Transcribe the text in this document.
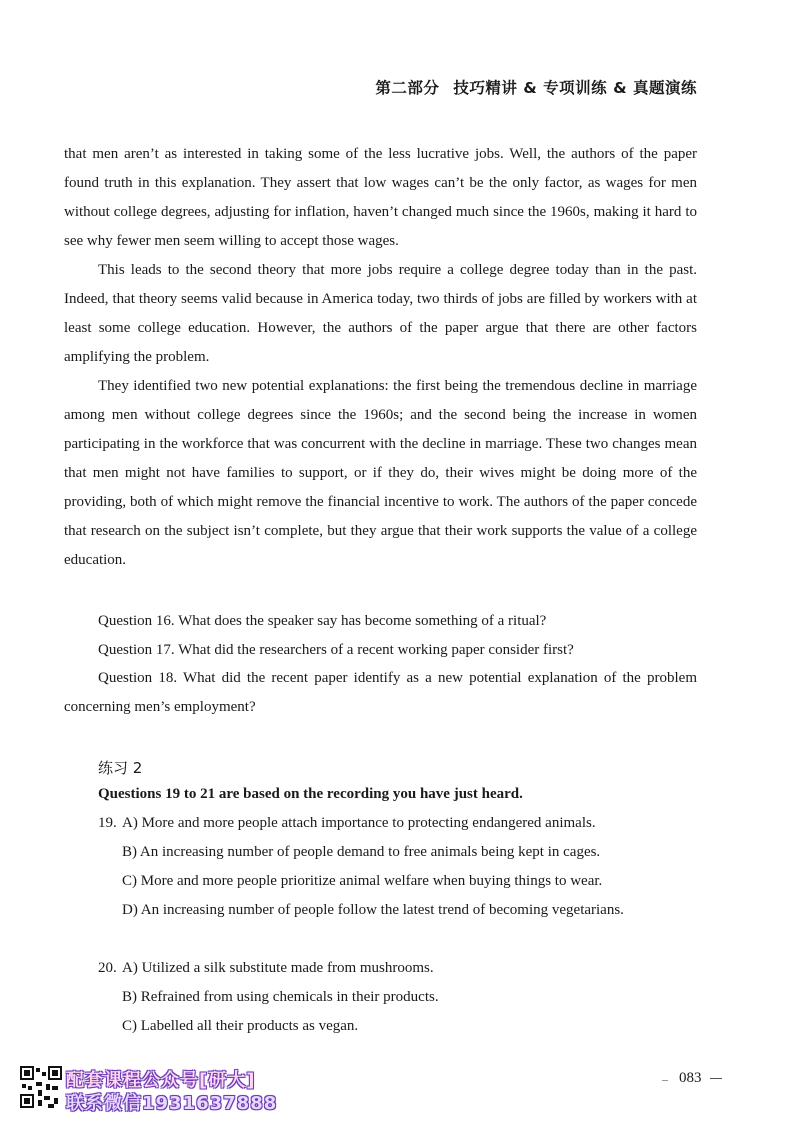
第二部分 技巧精讲 & 专项训练 & 真题演练

that men aren’t as interested in taking some of the less lucrative jobs. Well, the authors of the paper found truth in this explanation. They assert that low wages can’t be the only factor, as wages for men without college degrees, adjusting for inflation, haven’t changed much since the 1960s, making it hard to see why fewer men seem willing to accept those wages.

This leads to the second theory that more jobs require a college degree today than in the past. Indeed, that theory seems valid because in America today, two thirds of jobs are filled by workers with at least some college education. However, the authors of the paper argue that there are other factors amplifying the problem.

They identified two new potential explanations: the first being the tremendous decline in marriage among men without college degrees since the 1960s; and the second being the increase in women participating in the workforce that was concurrent with the decline in marriage. These two changes mean that men might not have families to support, or if they do, their wives might be doing more of the providing, both of which might remove the financial incentive to work. The authors of the paper concede that research on the subject isn’t complete, but they argue that their work supports the value of a college education.

Question 16. What does the speaker say has become something of a ritual?

Question 17. What did the researchers of a recent working paper consider first?

Question 18. What did the recent paper identify as a new potential explanation of the problem concerning men’s employment?

练习 2
Questions 19 to 21 are based on the recording you have just heard.
19. A) More and more people attach importance to protecting endangered animals.
B) An increasing number of people demand to free animals being kept in cages.
C) More and more people prioritize animal welfare when buying things to wear.
D) An increasing number of people follow the latest trend of becoming vegetarians.
20. A) Utilized a silk substitute made from mushrooms.
B) Refrained from using chemicals in their products.
C) Labelled all their products as vegan.
配套课程公众号[研大]
联系微信1931637888
083
